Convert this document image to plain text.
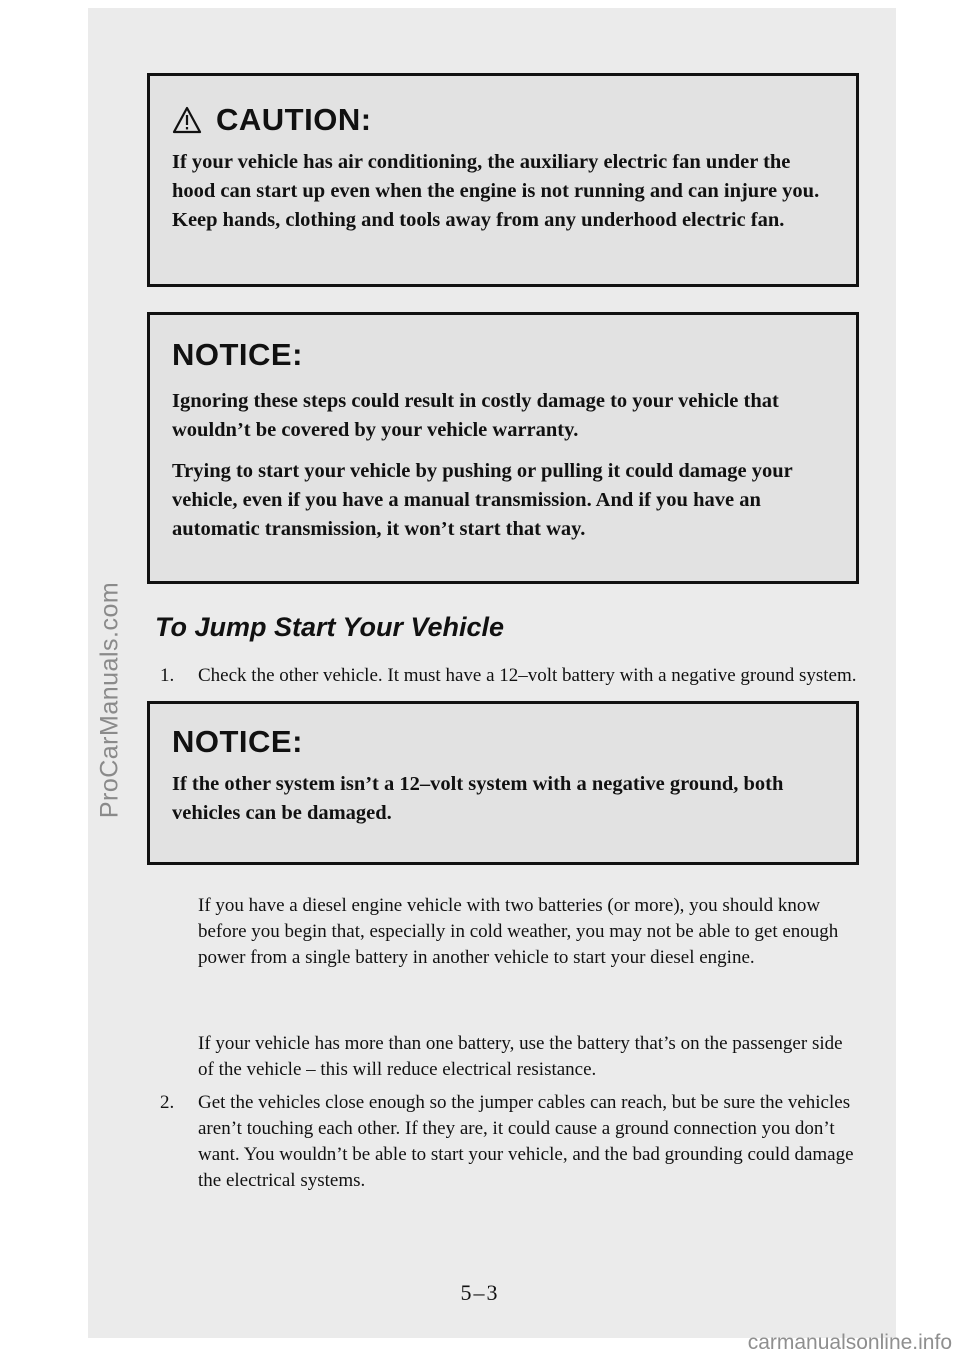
ProCarManuals.com
CAUTION:

If your vehicle has air conditioning, the auxiliary electric fan under the hood can start up even when the engine is not running and can injure you. Keep hands, clothing and tools away from any underhood electric fan.

NOTICE:

Ignoring these steps could result in costly damage to your vehicle that wouldn’t be covered by your vehicle warranty.

Trying to start your vehicle by pushing or pulling it could damage your vehicle, even if you have a manual transmission. And if you have an automatic transmission, it won’t start that way.

To Jump Start Your Vehicle
1.	Check the other vehicle. It must have a 12–volt battery with a negative ground system.

NOTICE:

If the other system isn’t a 12–volt system with a negative ground, both vehicles can be damaged.

If you have a diesel engine vehicle with two batteries (or more), you should know before you begin that, especially in cold weather, you may not be able to get enough power from a single battery in another vehicle to start your diesel engine.

If your vehicle has more than one battery, use the battery that’s on the passenger side of the vehicle – this will reduce electrical resistance.

2.	Get the vehicles close enough so the jumper cables can reach, but be sure the vehicles aren’t touching each other. If they are, it could cause a ground connection you don’t want. You wouldn’t be able to start your vehicle, and the bad grounding could damage the electrical systems.

5–3
carmanualsonline.info
